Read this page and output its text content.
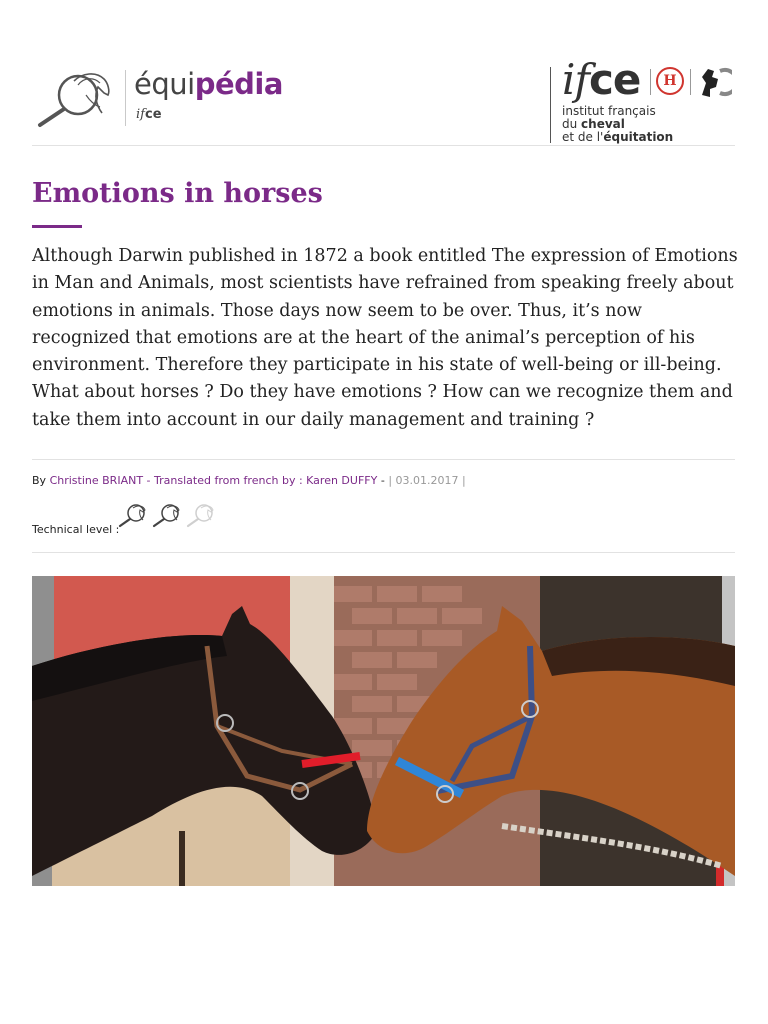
équipédia
ifce
ifce	H
institut français
du cheval
et de l'équitation
Emotions in horses

Although Darwin published in 1872 a book entitled The expression of Emotions in Man and Animals, most scientists have refrained from speaking freely about emotions in animals. Those days now seem to be over. Thus, it’s now recognized that emotions are at the heart of the animal’s perception of his environment. Therefore they participate in his state of well-being or ill-being. What about horses ? Do they have emotions ? How can we recognize them and take them into account in our daily management and training ?

By Christine BRIANT - Translated from french by : Karen DUFFY - | 03.01.2017 |
Technical level :
